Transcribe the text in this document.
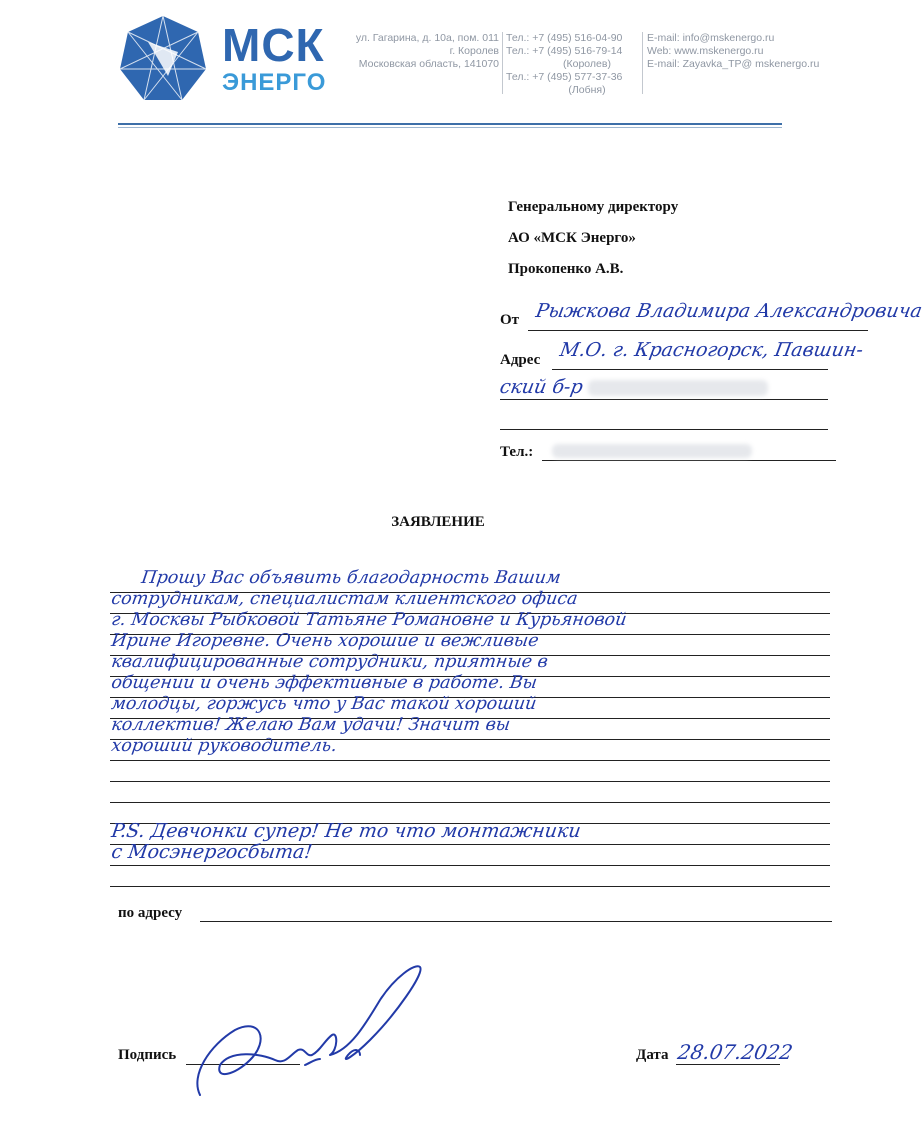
МСК
ЭНЕРГО
ул. Гагарина, д. 10а, пом. 011
г. Королев
Московская область, 141070
Тел.: +7 (495) 516-04-90
Тел.: +7 (495) 516-79-14
(Королев)
Тел.: +7 (495) 577-37-36
(Лобня)
E-mail: info@mskenergo.ru
Web: www.mskenergo.ru
E-mail: Zayavka_TP@ mskenergo.ru
Генеральному директору
АО «МСК Энерго»
Прокопенко А.В.
От Рыжкова Владимира Александровича
Адрес М.О. г. Красногорск, Павшин-
ский б-р
Тел.:
ЗАЯВЛЕНИЕ
Прошу Вас объявить благодарность Вашим
сотрудникам, специалистам клиентского офиса
г. Москвы Рыбковой Татьяне Романовне и Курьяновой
Ирине Игоревне. Очень хорошие и вежливые
квалифицированные сотрудники, приятные в
общении и очень эффективные в работе. Вы
молодцы, горжусь что у Вас такой хороший
коллектив! Желаю Вам удачи! Значит вы
хороший руководитель.
P.S. Девчонки супер! Не то что монтажники
с Мосэнергосбыта!
по адресу
Подпись	Дата 28.07.2022
